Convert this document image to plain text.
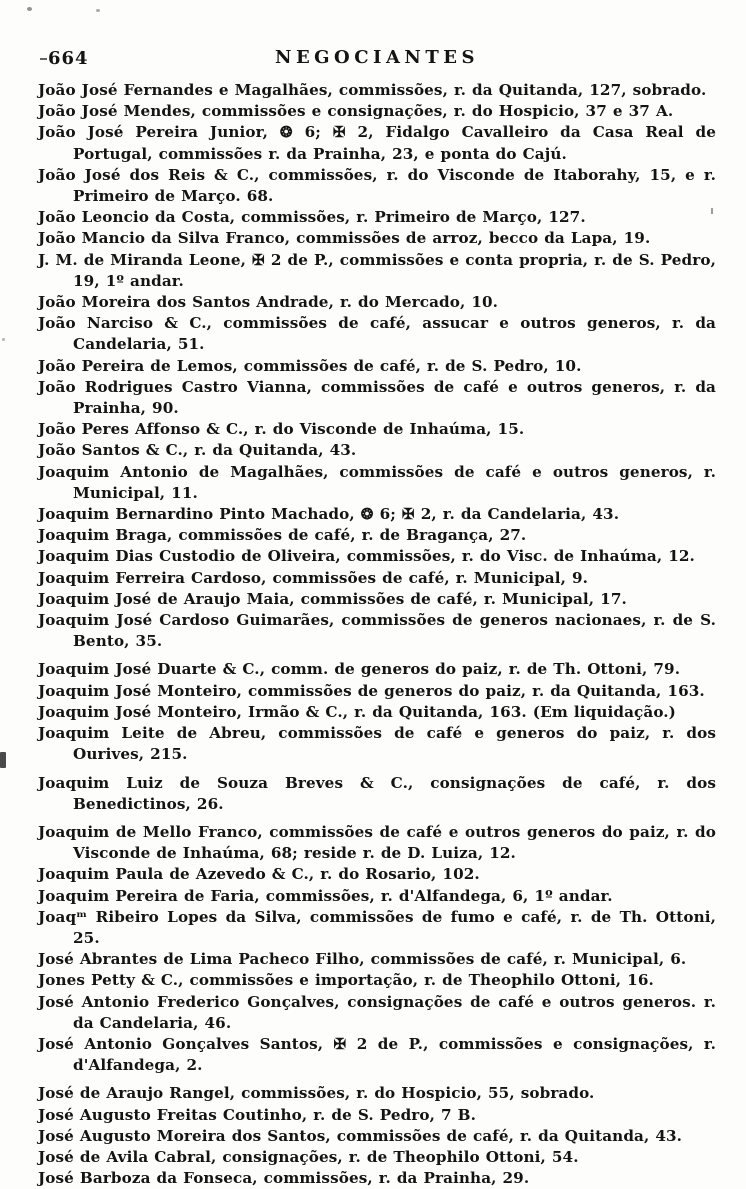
664	NEGOCIANTES

João José Fernandes e Magalhães, commissões, r. da Quitanda, 127, sobrado.

João José Mendes, commissões e consignações, r. do Hospicio, 37 e 37 A.

João José Pereira Junior, ❂ 6; ✠ 2, Fidalgo Cavalleiro da Casa Real de Portugal, commissões r. da Prainha, 23, e ponta do Cajú.

João José dos Reis & C., commissões, r. do Visconde de Itaborahy, 15, e r. Primeiro de Março. 68.

João Leoncio da Costa, commissões, r. Primeiro de Março, 127.

João Mancio da Silva Franco, commissões de arroz, becco da Lapa, 19.

J. M. de Miranda Leone, ✠ 2 de P., commissões e conta propria, r. de S. Pedro, 19, 1º andar.

João Moreira dos Santos Andrade, r. do Mercado, 10.

João Narciso & C., commissões de café, assucar e outros generos, r. da Candelaria, 51.

João Pereira de Lemos, commissões de café, r. de S. Pedro, 10.

João Rodrigues Castro Vianna, commissões de café e outros generos, r. da Prainha, 90.

João Peres Affonso & C., r. do Visconde de Inhaúma, 15.

João Santos & C., r. da Quitanda, 43.

Joaquim Antonio de Magalhães, commissões de café e outros generos, r. Municipal, 11.

Joaquim Bernardino Pinto Machado, ❂ 6; ✠ 2, r. da Candelaria, 43.

Joaquim Braga, commissões de café, r. de Bragança, 27.

Joaquim Dias Custodio de Oliveira, commissões, r. do Visc. de Inhaúma, 12.

Joaquim Ferreira Cardoso, commissões de café, r. Municipal, 9.

Joaquim José de Araujo Maia, commissões de café, r. Municipal, 17.

Joaquim José Cardoso Guimarães, commissões de generos nacionaes, r. de S. Bento, 35.

Joaquim José Duarte & C., comm. de generos do paiz, r. de Th. Ottoni, 79.

Joaquim José Monteiro, commissões de generos do paiz, r. da Quitanda, 163.

Joaquim José Monteiro, Irmão & C., r. da Quitanda, 163. (Em liquidação.)

Joaquim Leite de Abreu, commissões de café e generos do paiz, r. dos Ourives, 215.

Joaquim Luiz de Souza Breves & C., consignações de café, r. dos Benedictinos, 26.

Joaquim de Mello Franco, commissões de café e outros generos do paiz, r. do Visconde de Inhaúma, 68; reside r. de D. Luiza, 12.

Joaquim Paula de Azevedo & C., r. do Rosario, 102.

Joaquim Pereira de Faria, commissões, r. d'Alfandega, 6, 1º andar.

Joaqᵐ Ribeiro Lopes da Silva, commissões de fumo e café, r. de Th. Ottoni, 25.

José Abrantes de Lima Pacheco Filho, commissões de café, r. Municipal, 6.

Jones Petty & C., commissões e importação, r. de Theophilo Ottoni, 16.

José Antonio Frederico Gonçalves, consignações de café e outros generos. r. da Candelaria, 46.

José Antonio Gonçalves Santos, ✠ 2 de P., commissões e consignações, r. d'Alfandega, 2.

José de Araujo Rangel, commissões, r. do Hospicio, 55, sobrado.

José Augusto Freitas Coutinho, r. de S. Pedro, 7 B.

José Augusto Moreira dos Santos, commissões de café, r. da Quitanda, 43.

José de Avila Cabral, consignações, r. de Theophilo Ottoni, 54.

José Barboza da Fonseca, commissões, r. da Prainha, 29.
